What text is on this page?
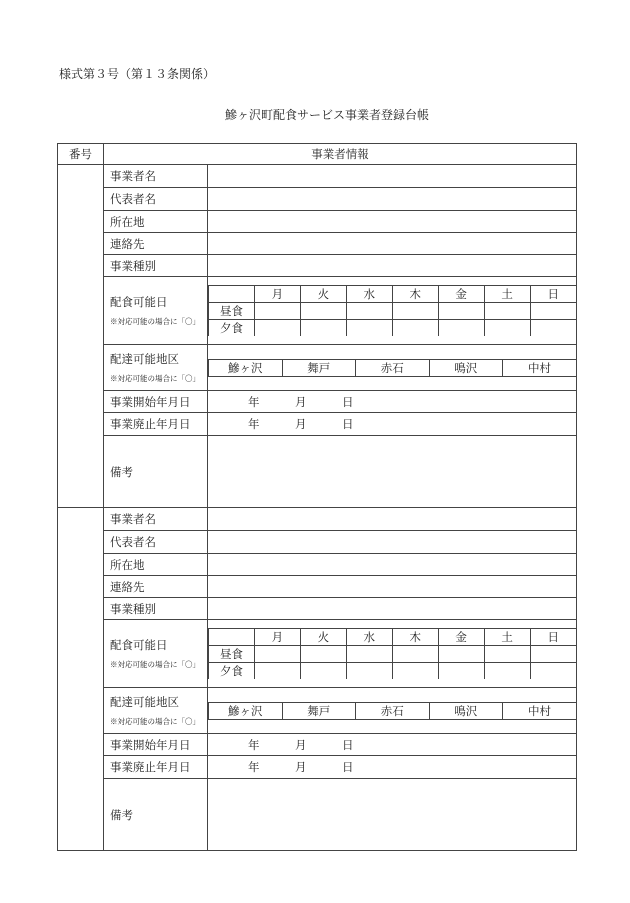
様式第３号（第１３条関係）
鰺ヶ沢町配食サービス事業者登録台帳
番号	事業者情報
	事業者名	
代表者名	
所在地	
連絡先	
事業種別	
配食可能日
※対応可能の場合に「〇」

	月	火	水	木	金	土	日
昼食							
夕食							

配達可能地区
※対応可能の場合に「〇」

鰺ヶ沢	舞戸	赤石	鳴沢	中村

事業開始年月日	年	月	日
事業廃止年月日	年	月	日
備考	
	事業者名	
代表者名	
所在地	
連絡先	
事業種別	
配食可能日
※対応可能の場合に「〇」

	月	火	水	木	金	土	日
昼食							
夕食							

配達可能地区
※対応可能の場合に「〇」

鰺ヶ沢	舞戸	赤石	鳴沢	中村

事業開始年月日	年	月	日
事業廃止年月日	年	月	日
備考	
